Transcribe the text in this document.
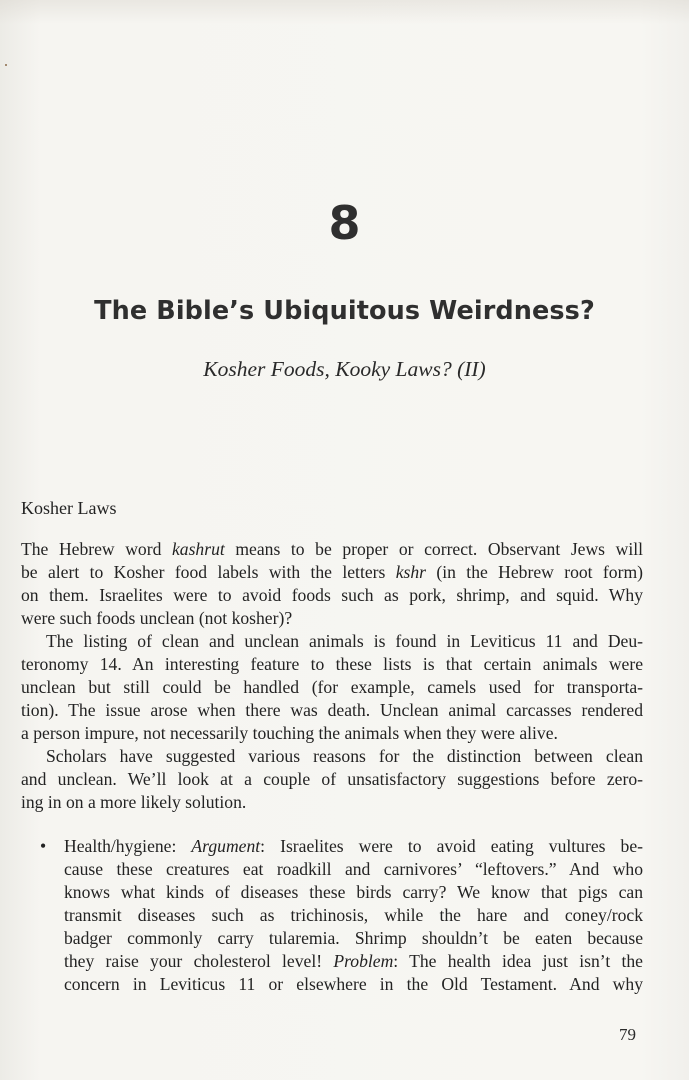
8
The Bible’s Ubiquitous Weirdness?
Kosher Foods, Kooky Laws? (II)
Kosher Laws
The Hebrew word kashrut means to be proper or correct. Observant Jews will
be alert to Kosher food labels with the letters kshr (in the Hebrew root form)
on them. Israelites were to avoid foods such as pork, shrimp, and squid. Why
were such foods unclean (not kosher)?
The listing of clean and unclean animals is found in Leviticus 11 and Deu-
teronomy 14. An interesting feature to these lists is that certain animals were
unclean but still could be handled (for example, camels used for transporta-
tion). The issue arose when there was death. Unclean animal carcasses rendered
a person impure, not necessarily touching the animals when they were alive.
Scholars have suggested various reasons for the distinction between clean
and unclean. We’ll look at a couple of unsatisfactory suggestions before zero-
ing in on a more likely solution.
• Health/hygiene: Argument: Israelites were to avoid eating vultures be-
cause these creatures eat roadkill and carnivores’ “leftovers.” And who
knows what kinds of diseases these birds carry? We know that pigs can
transmit diseases such as trichinosis, while the hare and coney/rock
badger commonly carry tularemia. Shrimp shouldn’t be eaten because
they raise your cholesterol level! Problem: The health idea just isn’t the
concern in Leviticus 11 or elsewhere in the Old Testament. And why
79
